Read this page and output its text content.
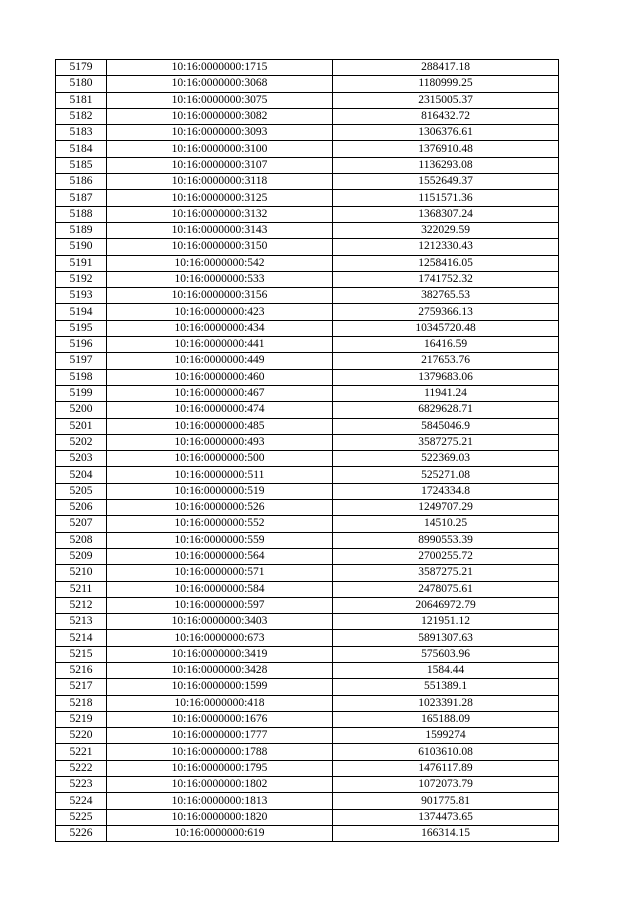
5179	10:16:0000000:1715	288417.18
5180	10:16:0000000:3068	1180999.25
5181	10:16:0000000:3075	2315005.37
5182	10:16:0000000:3082	816432.72
5183	10:16:0000000:3093	1306376.61
5184	10:16:0000000:3100	1376910.48
5185	10:16:0000000:3107	1136293.08
5186	10:16:0000000:3118	1552649.37
5187	10:16:0000000:3125	1151571.36
5188	10:16:0000000:3132	1368307.24
5189	10:16:0000000:3143	322029.59
5190	10:16:0000000:3150	1212330.43
5191	10:16:0000000:542	1258416.05
5192	10:16:0000000:533	1741752.32
5193	10:16:0000000:3156	382765.53
5194	10:16:0000000:423	2759366.13
5195	10:16:0000000:434	10345720.48
5196	10:16:0000000:441	16416.59
5197	10:16:0000000:449	217653.76
5198	10:16:0000000:460	1379683.06
5199	10:16:0000000:467	11941.24
5200	10:16:0000000:474	6829628.71
5201	10:16:0000000:485	5845046.9
5202	10:16:0000000:493	3587275.21
5203	10:16:0000000:500	522369.03
5204	10:16:0000000:511	525271.08
5205	10:16:0000000:519	1724334.8
5206	10:16:0000000:526	1249707.29
5207	10:16:0000000:552	14510.25
5208	10:16:0000000:559	8990553.39
5209	10:16:0000000:564	2700255.72
5210	10:16:0000000:571	3587275.21
5211	10:16:0000000:584	2478075.61
5212	10:16:0000000:597	20646972.79
5213	10:16:0000000:3403	121951.12
5214	10:16:0000000:673	5891307.63
5215	10:16:0000000:3419	575603.96
5216	10:16:0000000:3428	1584.44
5217	10:16:0000000:1599	551389.1
5218	10:16:0000000:418	1023391.28
5219	10:16:0000000:1676	165188.09
5220	10:16:0000000:1777	1599274
5221	10:16:0000000:1788	6103610.08
5222	10:16:0000000:1795	1476117.89
5223	10:16:0000000:1802	1072073.79
5224	10:16:0000000:1813	901775.81
5225	10:16:0000000:1820	1374473.65
5226	10:16:0000000:619	166314.15
